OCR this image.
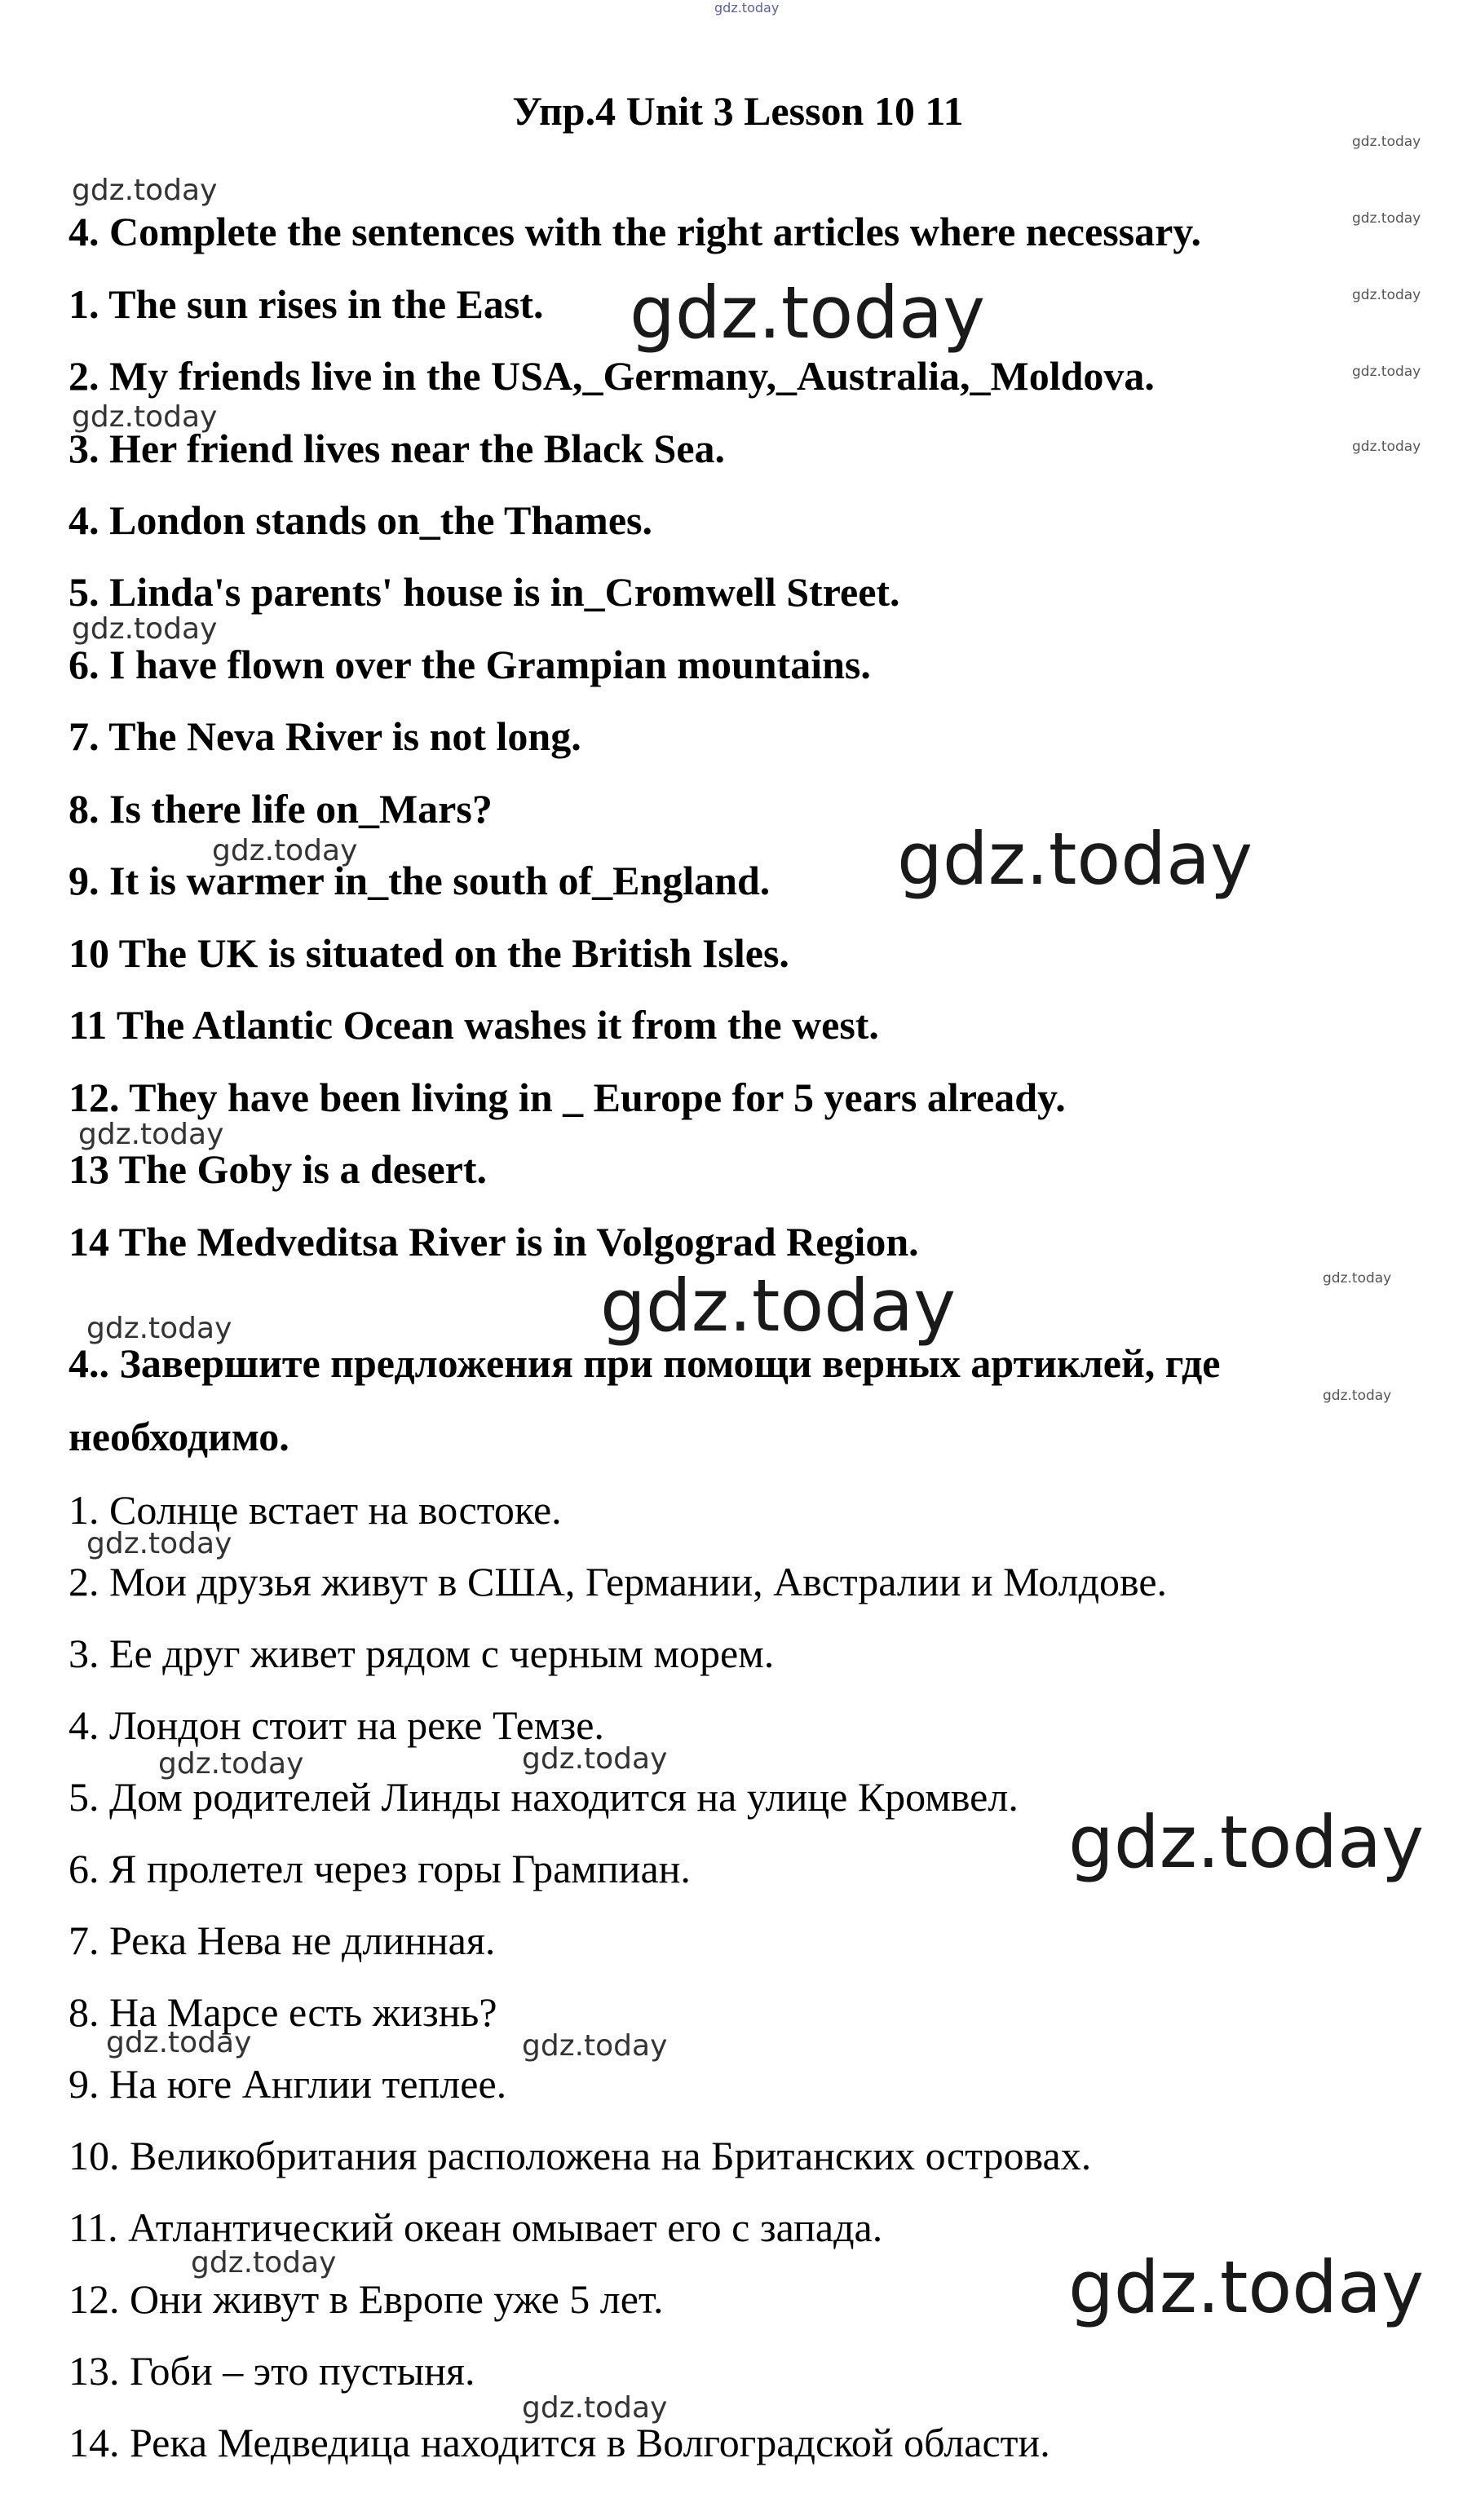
Упр.4 Unit 3 Lesson 10 11
4. Complete the sentences with the right articles where necessary.
1. The sun rises in the East.
2. My friends live in the USA,_Germany,_Australia,_Moldova.
3. Her friend lives near the Black Sea.
4. London stands on_the Thames.
5. Linda's parents' house is in_Cromwell Street.
6. I have flown over the Grampian mountains.
7. The Neva River is not long.
8. Is there life on_Mars?
9. It is warmer in_the south of_England.
10 The UK is situated on the British Isles.
11 The Atlantic Ocean washes it from the west.
12. They have been living in _ Europe for 5 years already.
13 The Goby is a desert.
14 The Medveditsa River is in Volgograd Region.
4.. Завершите предложения при помощи верных артиклей, где
необходимо.
1. Солнце встает на востоке.
2. Мои друзья живут в США, Германии, Австралии и Молдове.
3. Ее друг живет рядом с черным морем.
4. Лондон стоит на реке Темзе.
5. Дом родителей Линды находится на улице Кромвел.
6. Я пролетел через горы Грампиан.
7. Река Нева не длинная.
8. На Марсе есть жизнь?
9. На юге Англии теплее.
10. Великобритания расположена на Британских островах.
11. Атлантический океан омывает его с запада.
12. Они живут в Европе уже 5 лет.
13. Гоби – это пустыня.
14. Река Медведица находится в Волгоградской области.
gdz.today
gdz.today
gdz.today
gdz.today
gdz.today
gdz.today
gdz.today
gdz.today
gdz.today
gdz.today
gdz.today	gdz.today
gdz.today
gdz.today
gdz.today
gdz.today
gdz.today
gdz.today
gdz.today	gdz.today
gdz.today
gdz.today	gdz.today
gdz.today	gdz.today
gdz.today
